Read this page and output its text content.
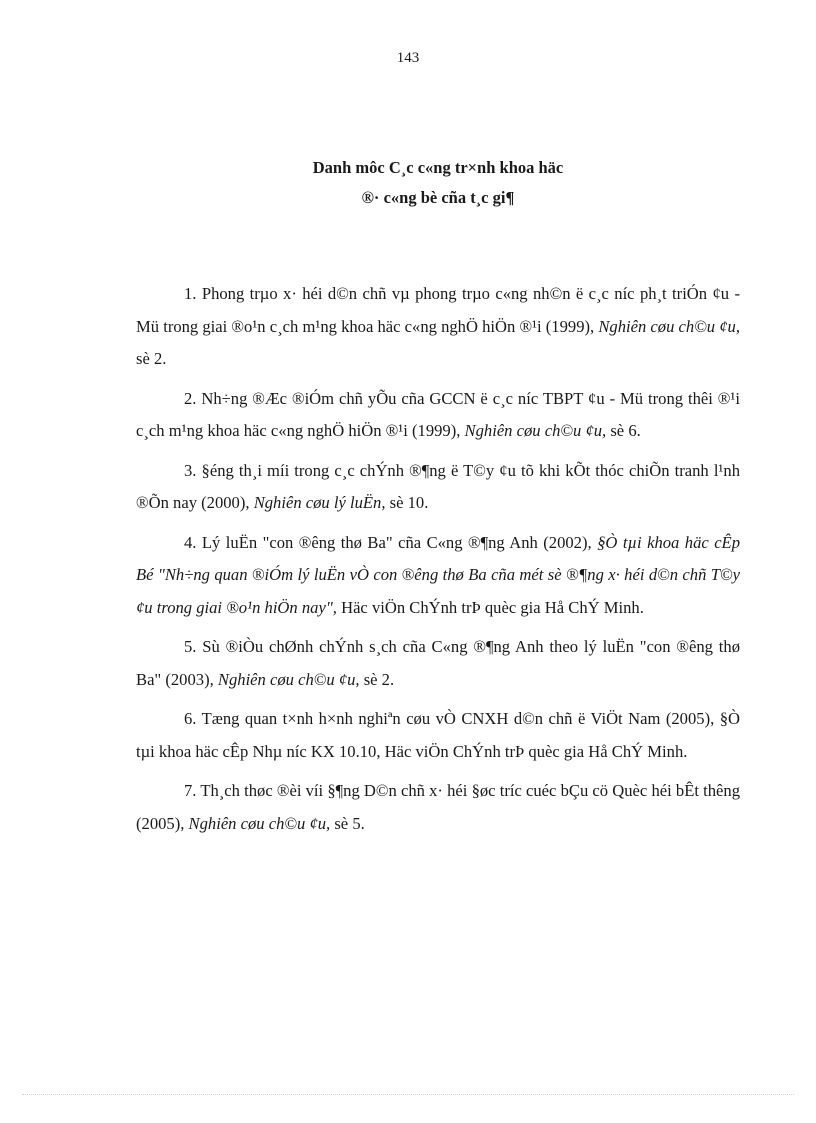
143
Danh môc C¸c c«ng tr×nh khoa häc
®· c«ng bè cña t¸c gi¶

1. Phong trµo x· héi d©n chñ vµ phong trµo c«ng nh©n ë c¸c níc ph¸t triÓn ¢u - Mü trong giai ®o¹n c¸ch m¹ng khoa häc c«ng nghÖ hiÖn ®¹i (1999), Nghiên cøu ch©u ¢u, sè 2.

2. Nh÷ng ®Æc ®iÓm chñ yÕu cña GCCN ë c¸c níc TBPT ¢u - Mü trong thêi ®¹i c¸ch m¹ng khoa häc c«ng nghÖ hiÖn ®¹i (1999), Nghiên cøu ch©u ¢u, sè 6.

3. §éng th¸i míi trong c¸c chÝnh ®¶ng ë T©y ¢u tõ khi kÕt thóc chiÕn tranh l¹nh ®Õn nay (2000), Nghiên cøu lý luËn, sè 10.

4. Lý luËn "con ®êng thø Ba" cña C«ng ®¶ng Anh (2002), §Ò tµi khoa häc cÊp Bé "Nh÷ng quan ®iÓm lý luËn vÒ con ®êng thø Ba cña mét sè ®¶ng x· héi d©n chñ T©y ¢u trong giai ®o¹n hiÖn nay", Häc viÖn ChÝnh trÞ quèc gia Hå ChÝ Minh.

5. Sù ®iÒu chØnh chÝnh s¸ch cña C«ng ®¶ng Anh theo lý luËn "con ®êng thø Ba" (2003), Nghiên cøu ch©u ¢u, sè 2.

6. Tæng quan t×nh h×nh nghiªn cøu vÒ CNXH d©n chñ ë ViÖt Nam (2005), §Ò tµi khoa häc cÊp Nhµ níc KX 10.10, Häc viÖn ChÝnh trÞ quèc gia Hå ChÝ Minh.

7. Th¸ch thøc ®èi víi §¶ng D©n chñ x· héi §øc tríc cuéc bÇu cö Quèc héi bÊt thêng (2005), Nghiên cøu ch©u ¢u, sè 5.
